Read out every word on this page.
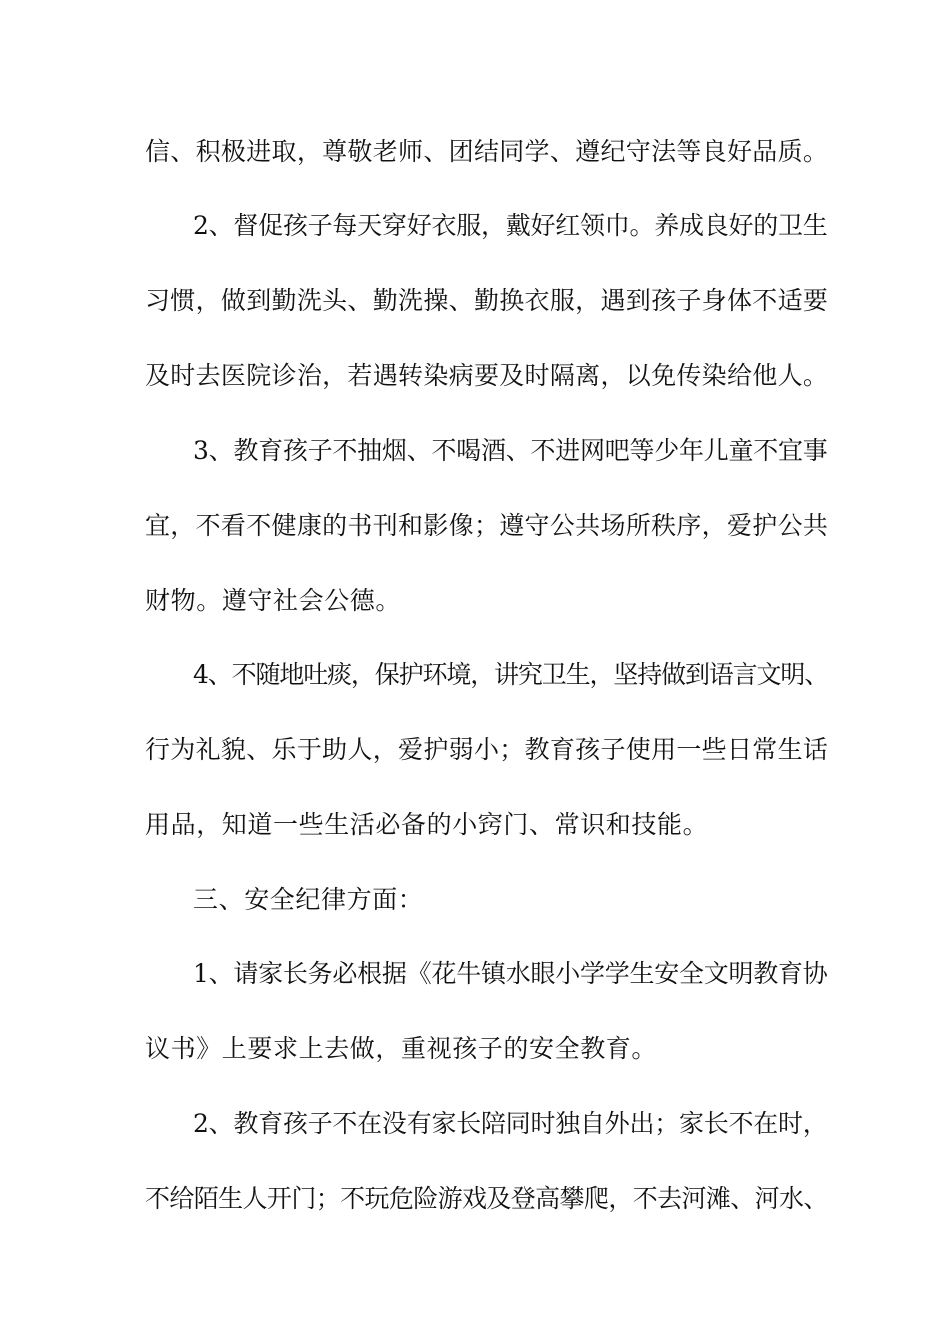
信、积极进取，尊敬老师、团结同学、遵纪守法等良好品质。
2、督促孩子每天穿好衣服，戴好红领巾。养成良好的卫生
习惯，做到勤洗头、勤洗操、勤换衣服，遇到孩子身体不适要
及时去医院诊治，若遇转染病要及时隔离，以免传染给他人。
3、教育孩子不抽烟、不喝酒、不进网吧等少年儿童不宜事
宜，不看不健康的书刊和影像；遵守公共场所秩序，爱护公共
财物。遵守社会公德。
4、不随地吐痰，保护环境，讲究卫生，坚持做到语言文明、
行为礼貌、乐于助人，爱护弱小；教育孩子使用一些日常生话
用品，知道一些生活必备的小窍门、常识和技能。
三、安全纪律方面：
1、请家长务必根据《花牛镇水眼小学学生安全文明教育协
议书》上要求上去做，重视孩子的安全教育。
2、教育孩子不在没有家长陪同时独自外出；家长不在时，
不给陌生人开门；不玩危险游戏及登高攀爬，不去河滩、河水、
